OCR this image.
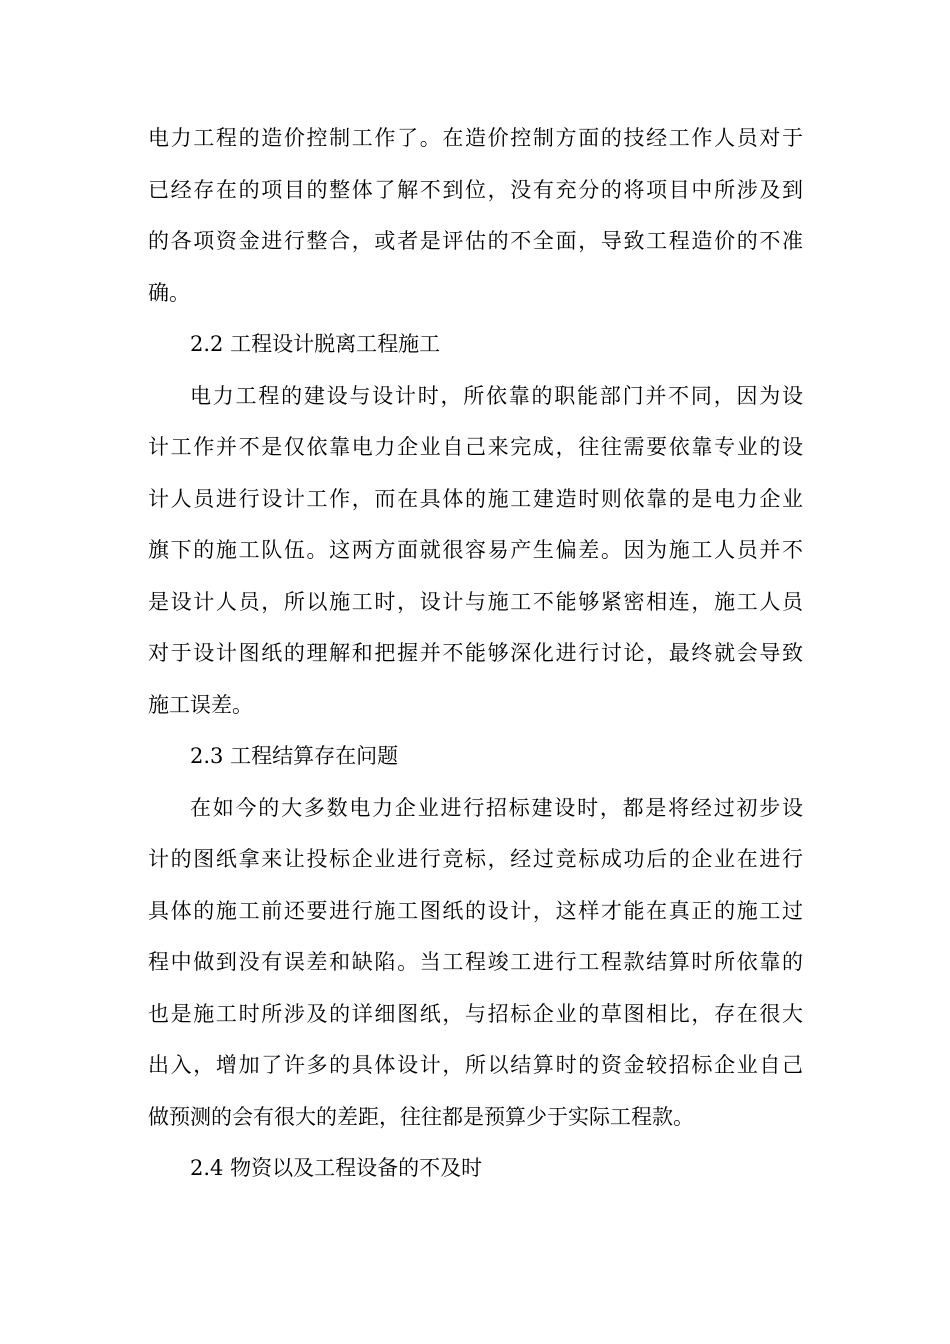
电力工程的造价控制工作了。在造价控制方面的技经工作人员对于
已经存在的项目的整体了解不到位，没有充分的将项目中所涉及到
的各项资金进行整合，或者是评估的不全面，导致工程造价的不准
确。
2.2 工程设计脱离工程施工
电力工程的建设与设计时，所依靠的职能部门并不同，因为设
计工作并不是仅依靠电力企业自己来完成，往往需要依靠专业的设
计人员进行设计工作，而在具体的施工建造时则依靠的是电力企业
旗下的施工队伍。这两方面就很容易产生偏差。因为施工人员并不
是设计人员，所以施工时，设计与施工不能够紧密相连，施工人员
对于设计图纸的理解和把握并不能够深化进行讨论，最终就会导致
施工误差。
2.3 工程结算存在问题
在如今的大多数电力企业进行招标建设时，都是将经过初步设
计的图纸拿来让投标企业进行竞标，经过竞标成功后的企业在进行
具体的施工前还要进行施工图纸的设计，这样才能在真正的施工过
程中做到没有误差和缺陷。当工程竣工进行工程款结算时所依靠的
也是施工时所涉及的详细图纸，与招标企业的草图相比，存在很大
出入，增加了许多的具体设计，所以结算时的资金较招标企业自己
做预测的会有很大的差距，往往都是预算少于实际工程款。
2.4 物资以及工程设备的不及时
